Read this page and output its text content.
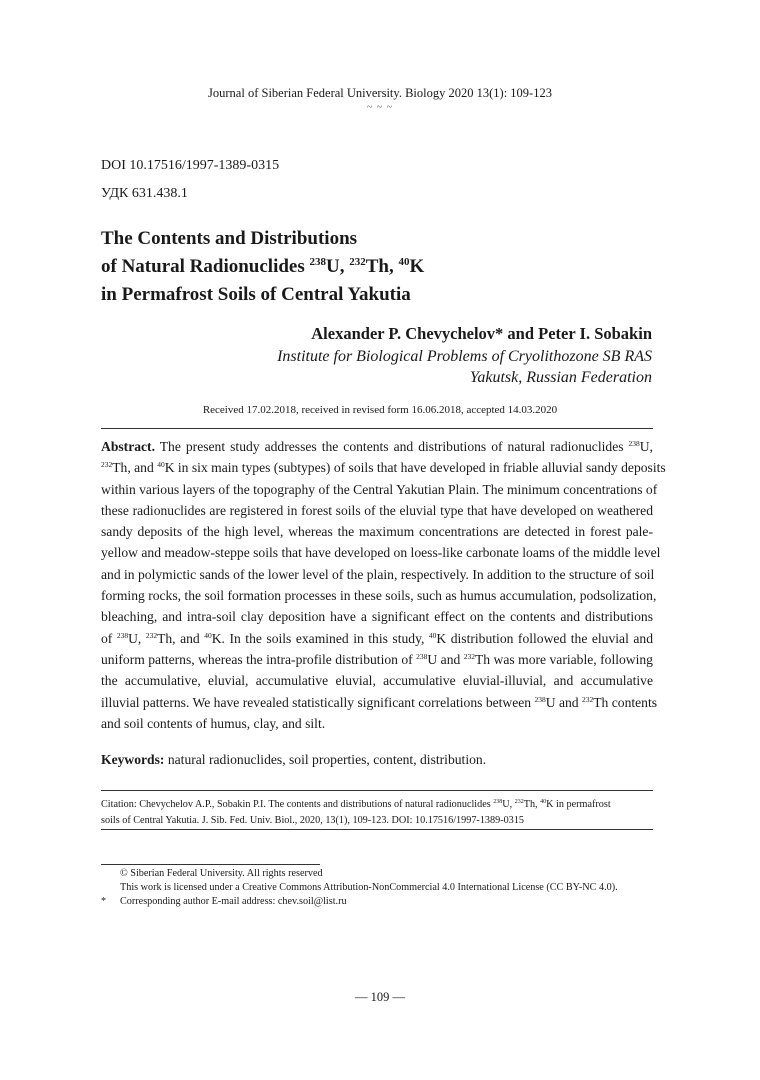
Journal of Siberian Federal University. Biology 2020 13(1): 109-123
~ ~ ~
DOI 10.17516/1997-1389-0315
УДК 631.438.1
The Contents and Distributions
of Natural Radionuclides $^{238}$U, $^{232}$Th, $^{40}$K
in Permafrost Soils of Central Yakutia
Alexander P. Chevychelov* and Peter I. Sobakin
Institute for Biological Problems of Cryolithozone SB RAS
Yakutsk, Russian Federation
Received 17.02.2018, received in revised form 16.06.2018, accepted 14.03.2020
Abstract. The present study addresses the contents and distributions of natural radionuclides $^{238}$U,
$^{232}$Th, and $^{40}$K in six main types (subtypes) of soils that have developed in friable alluvial sandy deposits
within various layers of the topography of the Central Yakutian Plain. The minimum concentrations of
these radionuclides are registered in forest soils of the eluvial type that have developed on weathered
sandy deposits of the high level, whereas the maximum concentrations are detected in forest pale-
yellow and meadow-steppe soils that have developed on loess-like carbonate loams of the middle level
and in polymictic sands of the lower level of the plain, respectively. In addition to the structure of soil
forming rocks, the soil formation processes in these soils, such as humus accumulation, podsolization,
bleaching, and intra-soil clay deposition have a significant effect on the contents and distributions
of $^{238}$U, $^{232}$Th, and $^{40}$K. In the soils examined in this study, $^{40}$K distribution followed the eluvial and
uniform patterns, whereas the intra-profile distribution of $^{238}$U and $^{232}$Th was more variable, following
the accumulative, eluvial, accumulative eluvial, accumulative eluvial-illuvial, and accumulative
illuvial patterns. We have revealed statistically significant correlations between $^{238}$U and $^{232}$Th contents
and soil contents of humus, clay, and silt.
Keywords: natural radionuclides, soil properties, content, distribution.
Citation: Chevychelov A.P., Sobakin P.I. The contents and distributions of natural radionuclides $^{238}$U, $^{232}$Th, $^{40}$K in permafrost
soils of Central Yakutia. J. Sib. Fed. Univ. Biol., 2020, 13(1), 109-123. DOI: 10.17516/1997-1389-0315
© Siberian Federal University. All rights reserved
This work is licensed under a Creative Commons Attribution-NonCommercial 4.0 International License (CC BY-NC 4.0).
* Corresponding author E-mail address: chev.soil@list.ru
— 109 —
